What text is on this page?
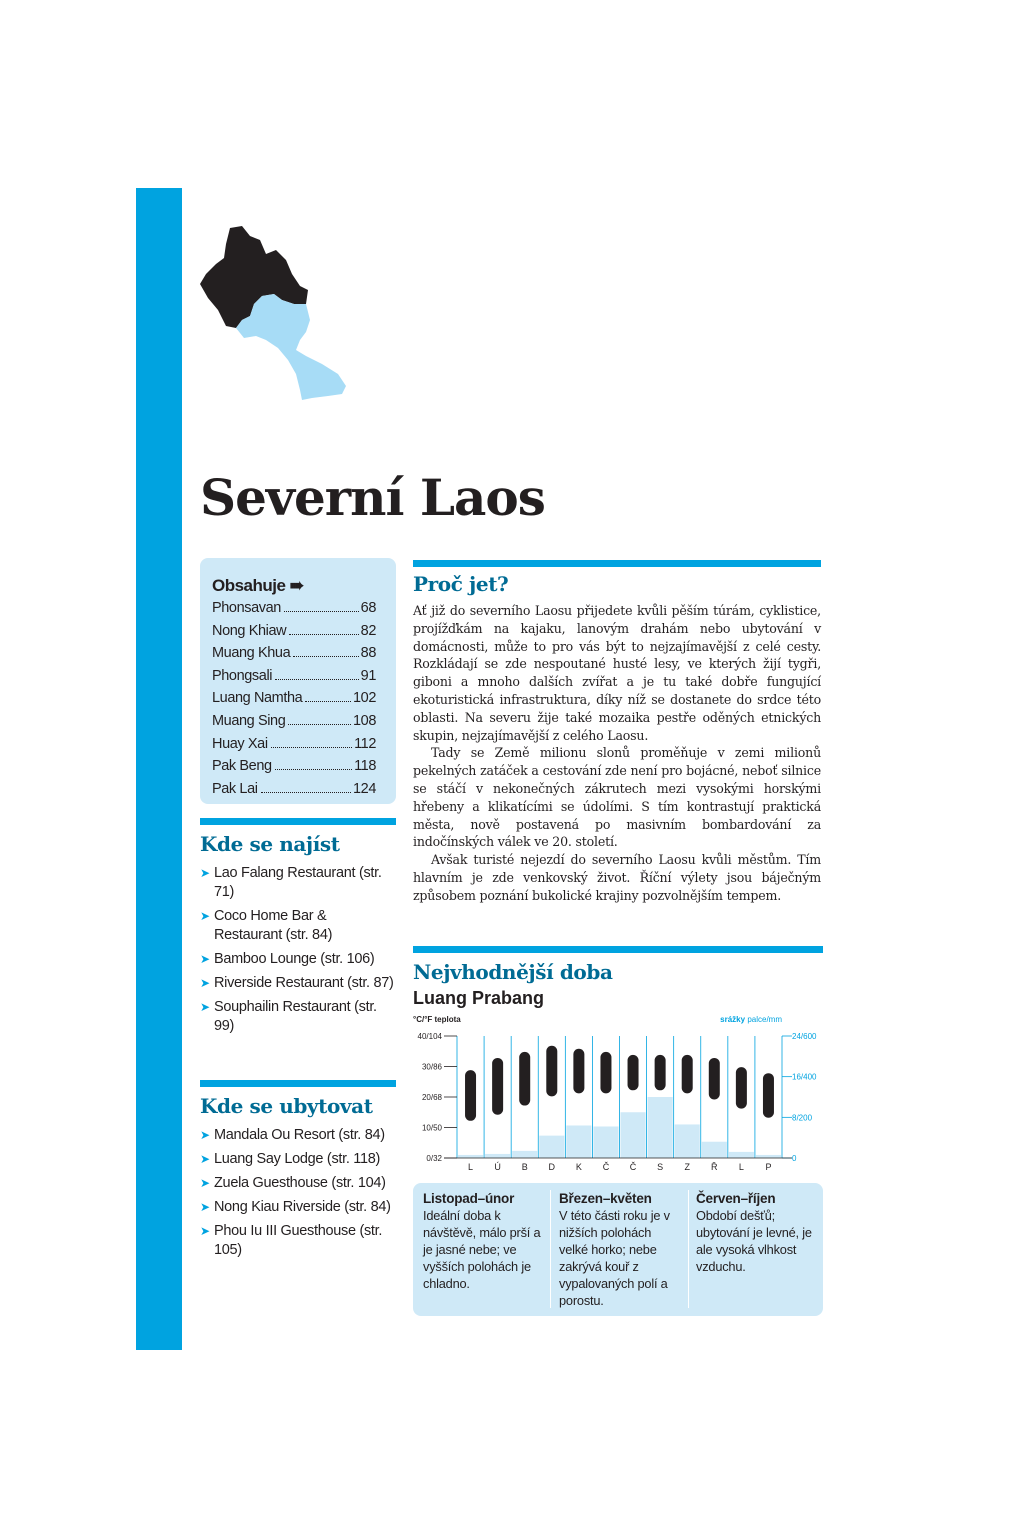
Severní Laos
Obsahuje ➠
Phonsavan	68
Nong Khiaw	82
Muang Khua	88
Phongsali	91
Luang Namtha	102
Muang Sing	108
Huay Xai	112
Pak Beng	118
Pak Lai	124
Kde se najíst
➤ Lao Falang Restaurant (str. 71)
➤ Coco Home Bar & Restaurant (str. 84)
➤ Bamboo Lounge (str. 106)
➤ Riverside Restaurant (str. 87)
➤ Souphailin Restaurant (str. 99)
Kde se ubytovat
➤ Mandala Ou Resort (str. 84)
➤ Luang Say Lodge (str. 118)
➤ Zuela Guesthouse (str. 104)
➤ Nong Kiau Riverside (str. 84)
➤ Phou Iu III Guesthouse (str. 105)
Proč jet?

Ať již do severního Laosu přijedete kvůli pěším túrám, cyklistice, projížďkám na kajaku, lanovým drahám nebo ubytování v domácnosti, může to pro vás být to nejzajímavější z celé cesty. Rozkládají se zde nespoutané husté lesy, ve kterých žijí tygři, giboni a mnoho dalších zvířat a je tu také dobře fungující ekoturistická infrastruktura, díky níž se dostanete do srdce této oblasti. Na severu žije také mozaika pestře oděných etnických skupin, nejzajímavější z celého Laosu.

Tady se Země milionu slonů proměňuje v zemi milionů pekelných zatáček a cestování zde není pro bojácné, neboť silnice se stáčí v nekonečných zákrutech mezi vysokými horskými hřebeny a klikatícími se údolími. S tím kontrastují praktická města, nově postavená po masivním bombardování za indočínských válek ve 20. století.

Avšak turisté nejezdí do severního Laosu kvůli městům. Tím hlavním je zde venkovský život. Říční výlety jsou báječným způsobem poznání bukolické krajiny pozvolnějším tempem.

Nejvhodnější doba
Luang Prabang
°C/°F teplota	srážky palce/mm
0/32
10/50
20/68
30/86
40/104
0
8/200
16/400
24/600
L Ú B D K Č Č S Z Ř L P
Listopad–únor
Ideální doba k návštěvě, málo prší a je jasné nebe; ve vyšších polohách je chladno.
Březen–květen
V této části roku je v nižších polohách velké horko; nebe zakrývá kouř z vypalovaných polí a porostu.
Červen–říjen
Období dešťů; ubytování je levné, je ale vysoká vlhkost vzduchu.
